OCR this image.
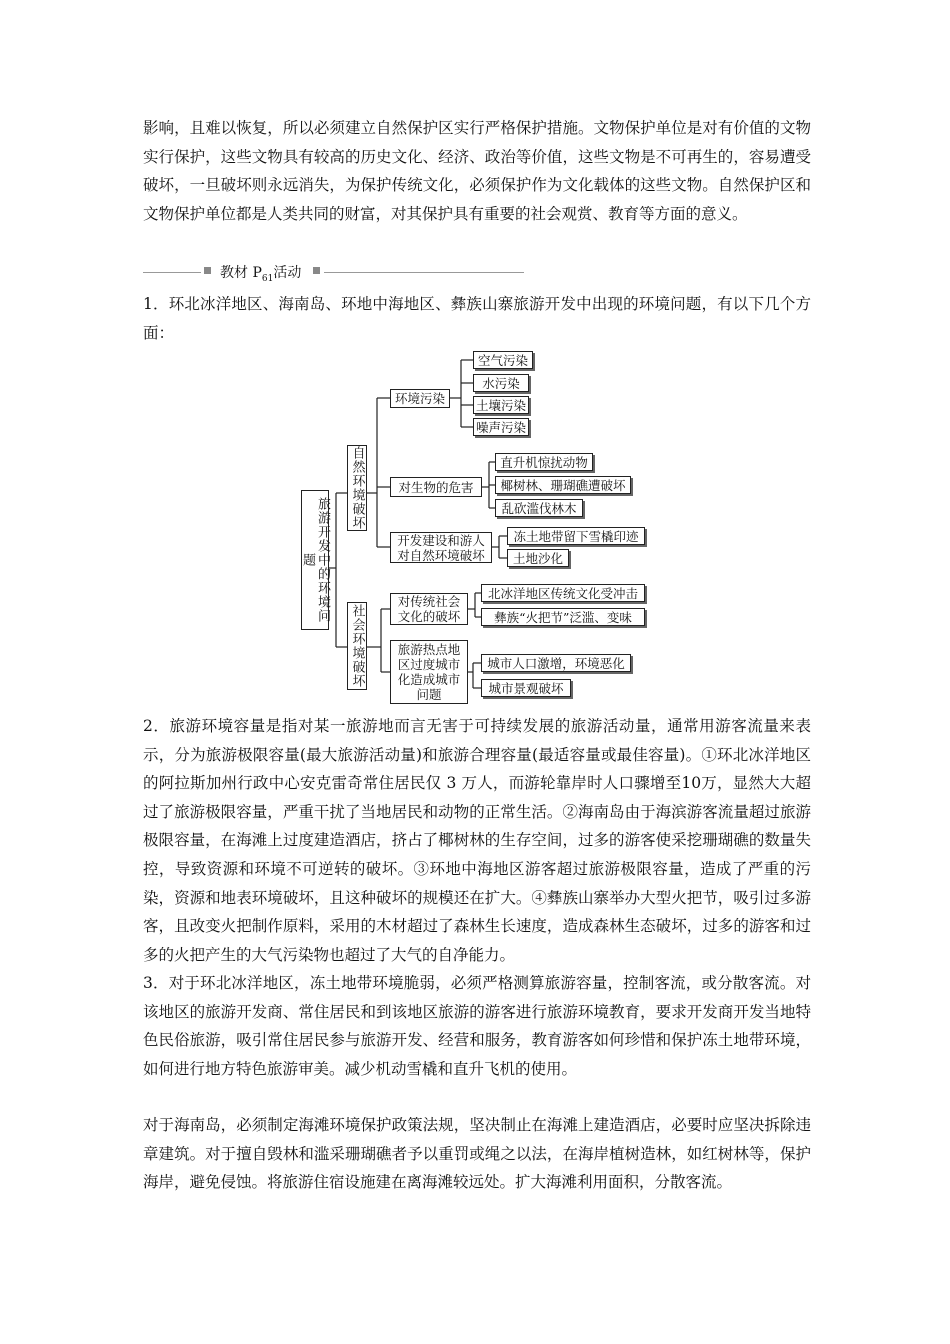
影响，且难以恢复，所以必须建立自然保护区实行严格保护措施。文物保护单位是对有价值的文物实行保护，这些文物具有较高的历史文化、经济、政治等价值，这些文物是不可再生的，容易遭受破坏，一旦破坏则永远消失，为保护传统文化，必须保护作为文化载体的这些文物。自然保护区和文物保护单位都是人类共同的财富，对其保护具有重要的社会观赏、教育等方面的意义。

教材 $P_{61}$活动

1．环北冰洋地区、海南岛、环地中海地区、彝族山寨旅游开发中出现的环境问题，有以下几个方面：

旅游开发中的环境问题
自然环境破坏
社会环境破坏
环境污染
对生物的危害
开发建设和游人
对自然环境破坏
对传统社会
文化的破坏
旅游热点地
区过度城市
化造成城市
问题
空气污染
水污染
土壤污染
噪声污染
直升机惊扰动物
椰树林、珊瑚礁遭破坏
乱砍滥伐林木
冻土地带留下雪橇印迹
土地沙化
北冰洋地区传统文化受冲击
彝族“火把节”泛滥、变味
城市人口激增，环境恶化
城市景观破坏

2．旅游环境容量是指对某一旅游地而言无害于可持续发展的旅游活动量，通常用游客流量来表示，分为旅游极限容量(最大旅游活动量)和旅游合理容量(最适容量或最佳容量)。①环北冰洋地区的阿拉斯加州行政中心安克雷奇常住居民仅 3 万人，而游轮靠岸时人口骤增至10万，显然大大超过了旅游极限容量，严重干扰了当地居民和动物的正常生活。②海南岛由于海滨游客流量超过旅游极限容量，在海滩上过度建造酒店，挤占了椰树林的生存空间，过多的游客使采挖珊瑚礁的数量失控，导致资源和环境不可逆转的破坏。③环地中海地区游客超过旅游极限容量，造成了严重的污染，资源和地表环境破坏，且这种破坏的规模还在扩大。④彝族山寨举办大型火把节，吸引过多游客，且改变火把制作原料，采用的木材超过了森林生长速度，造成森林生态破坏，过多的游客和过多的火把产生的大气污染物也超过了大气的自净能力。

3．对于环北冰洋地区，冻土地带环境脆弱，必须严格测算旅游容量，控制客流，或分散客流。对该地区的旅游开发商、常住居民和到该地区旅游的游客进行旅游环境教育，要求开发商开发当地特色民俗旅游，吸引常住居民参与旅游开发、经营和服务，教育游客如何珍惜和保护冻土地带环境，如何进行地方特色旅游审美。减少机动雪橇和直升飞机的使用。

对于海南岛，必须制定海滩环境保护政策法规，坚决制止在海滩上建造酒店，必要时应坚决拆除违章建筑。对于擅自毁林和滥采珊瑚礁者予以重罚或绳之以法，在海岸植树造林，如红树林等，保护海岸，避免侵蚀。将旅游住宿设施建在离海滩较远处。扩大海滩利用面积，分散客流。
